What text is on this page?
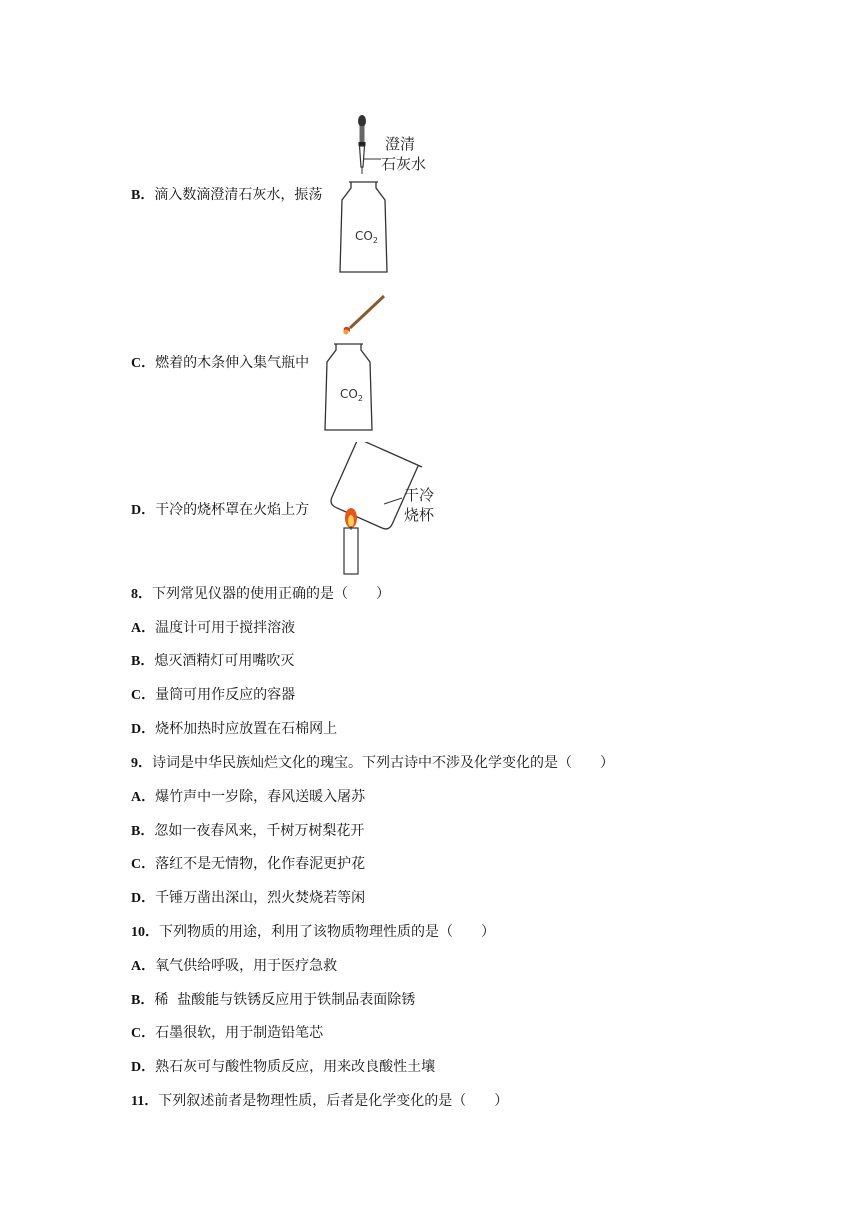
B．滴入数滴澄清石灰水，振荡
澄清
石灰水
$CO_2$
C．燃着的木条伸入集气瓶中
$CO_2$
D．干冷的烧杯罩在火焰上方
干冷
烧杯
8．下列常见仪器的使用正确的是（　　）
A．温度计可用于搅拌溶液
B．熄灭酒精灯可用嘴吹灭
C．量筒可用作反应的容器
D．烧杯加热时应放置在石棉网上
9．诗词是中华民族灿烂文化的瑰宝。下列古诗中不涉及化学变化的是（　　）
A．爆竹声中一岁除，春风送暖入屠苏
B．忽如一夜春风来，千树万树梨花开
C．落红不是无情物，化作春泥更护花
D．千锤万凿出深山，烈火焚烧若等闲
10．下列物质的用途，利用了该物质物理性质的是（　　）
A．氧气供给呼吸，用于医疗急救
B．稀  盐酸能与铁锈反应用于铁制品表面除锈
C．石墨很软，用于制造铅笔芯
D．熟石灰可与酸性物质反应，用来改良酸性土壤
11．下列叙述前者是物理性质，后者是化学变化的是（　　）
